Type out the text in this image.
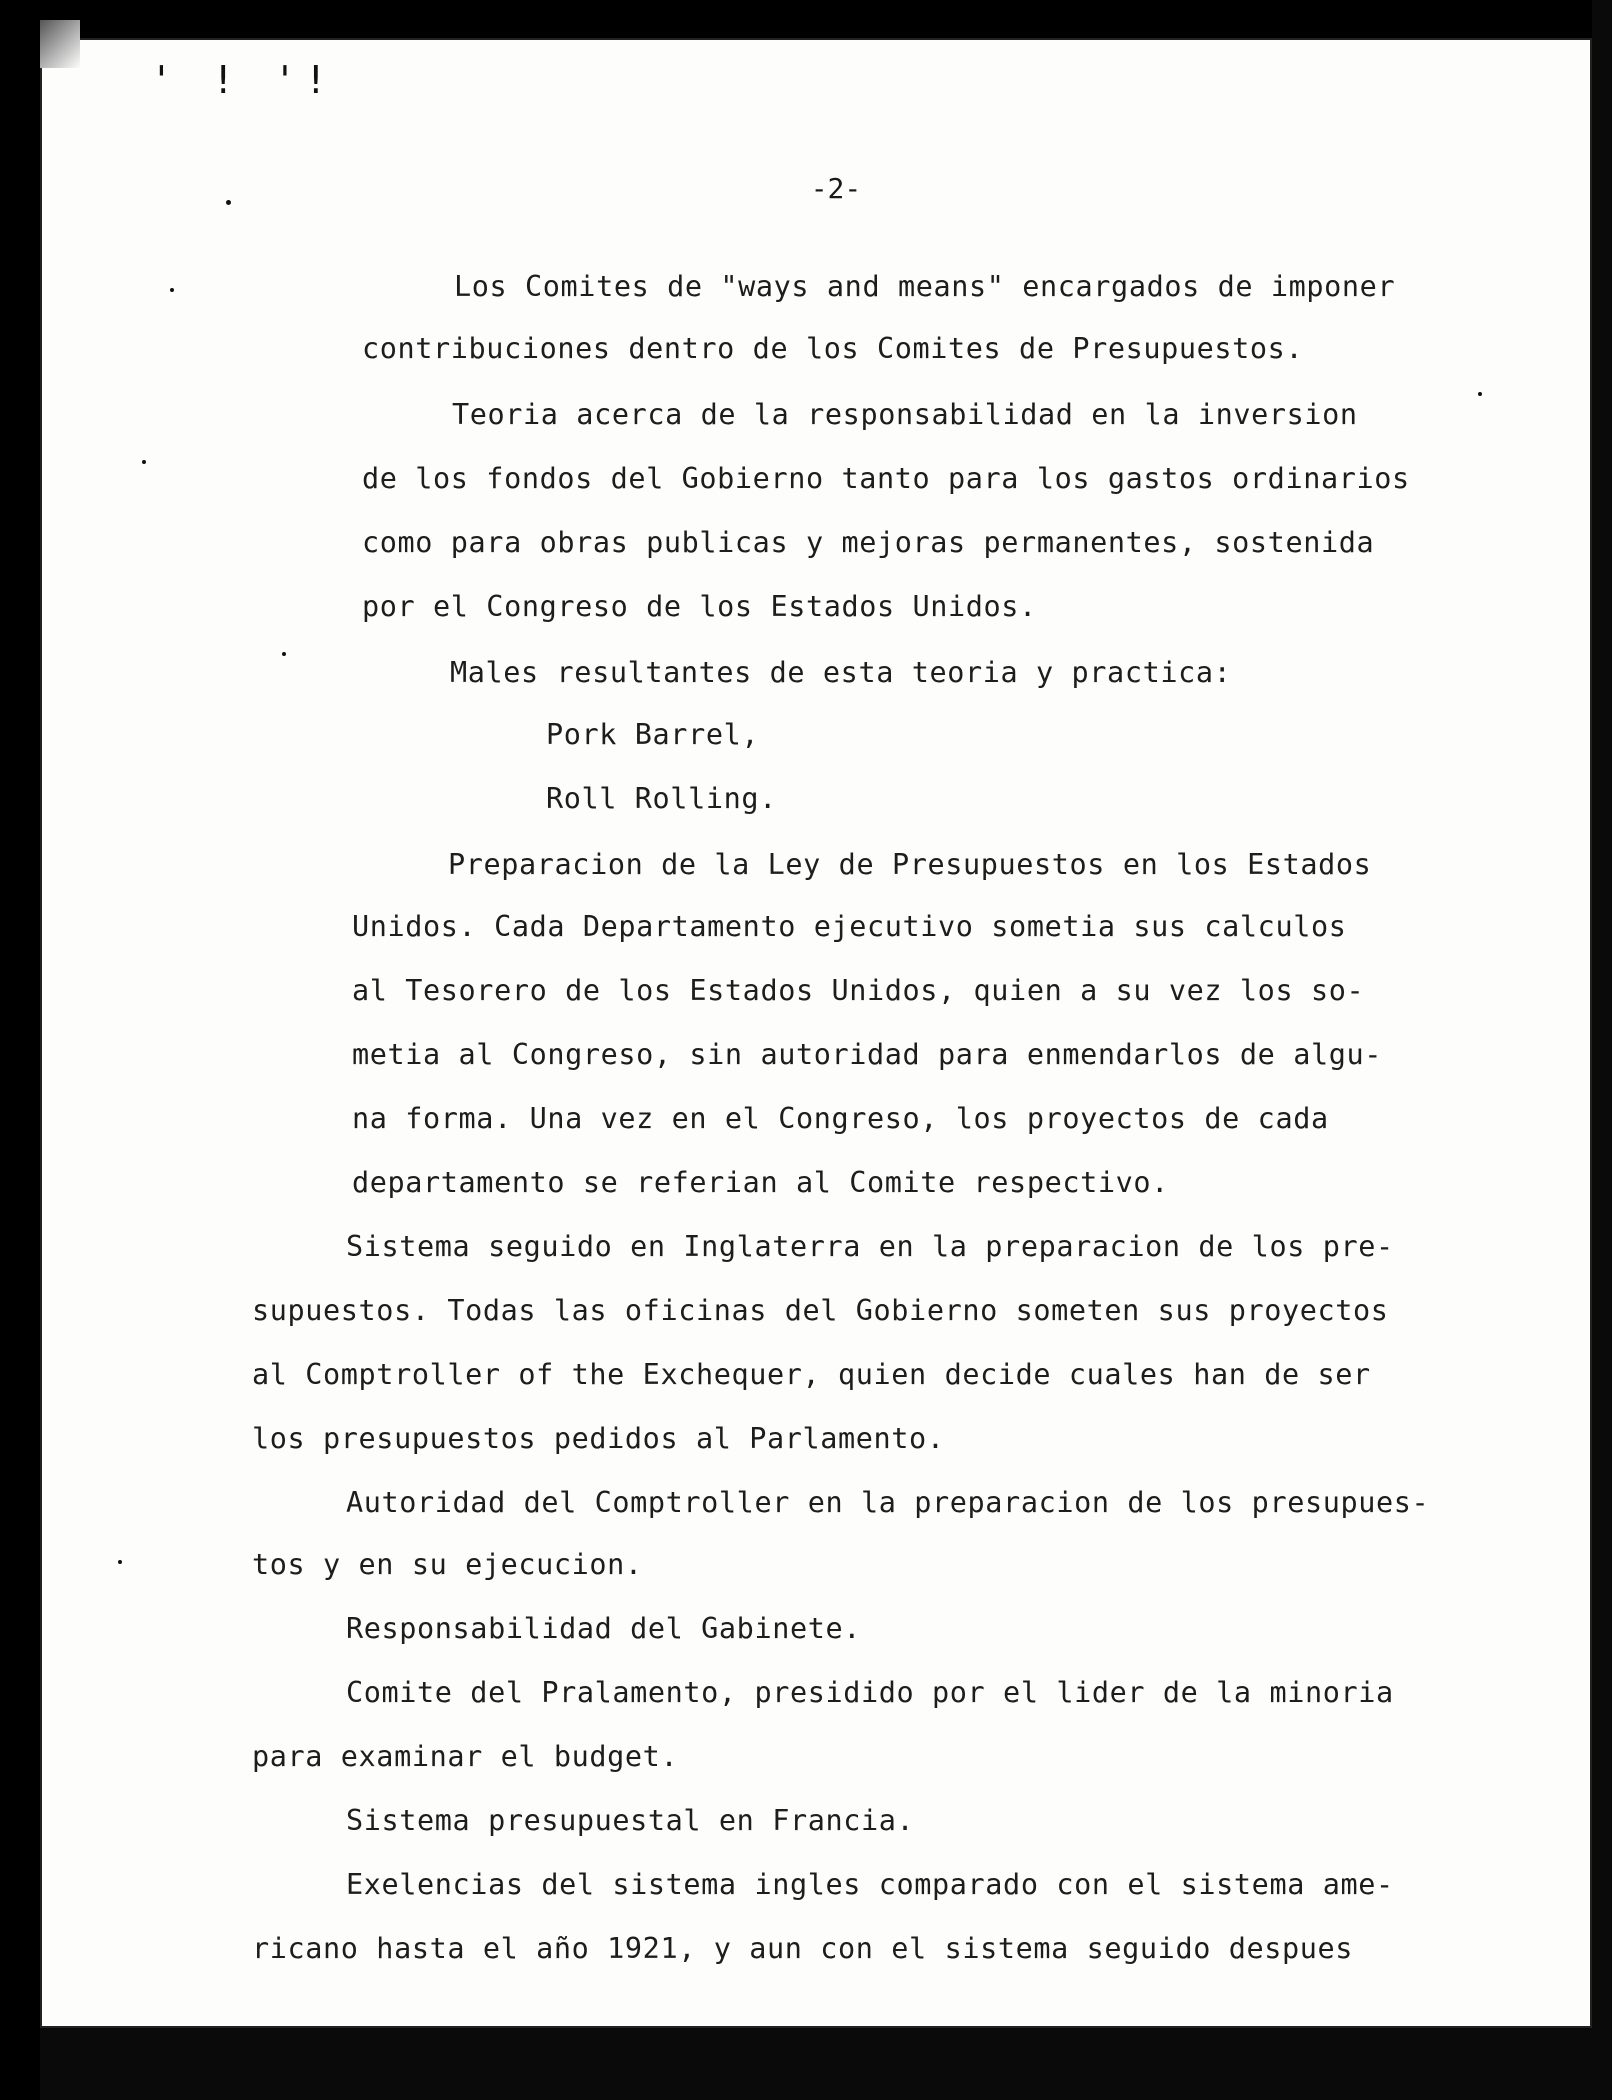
' ! '!
-2-
Los Comites de "ways and means" encargados de imponer
contribuciones dentro de los Comites de Presupuestos.
Teoria acerca de la responsabilidad en la inversion
de los fondos del Gobierno tanto para los gastos ordinarios
como para obras publicas y mejoras permanentes, sostenida
por el Congreso de los Estados Unidos.
Males resultantes de esta teoria y practica:
Pork Barrel,
Roll Rolling.
Preparacion de la Ley de Presupuestos en los Estados
Unidos. Cada Departamento ejecutivo sometia sus calculos
al Tesorero de los Estados Unidos, quien a su vez los so-
metia al Congreso, sin autoridad para enmendarlos de algu-
na forma. Una vez en el Congreso, los proyectos de cada
departamento se referian al Comite respectivo.
Sistema seguido en Inglaterra en la preparacion de los pre-
supuestos. Todas las oficinas del Gobierno someten sus proyectos
al Comptroller of the Exchequer, quien decide cuales han de ser
los presupuestos pedidos al Parlamento.
Autoridad del Comptroller en la preparacion de los presupues-
tos y en su ejecucion.
Responsabilidad del Gabinete.
Comite del Pralamento, presidido por el lider de la minoria
para examinar el budget.
Sistema presupuestal en Francia.
Exelencias del sistema ingles comparado con el sistema ame-
ricano hasta el año 1921, y aun con el sistema seguido despues
